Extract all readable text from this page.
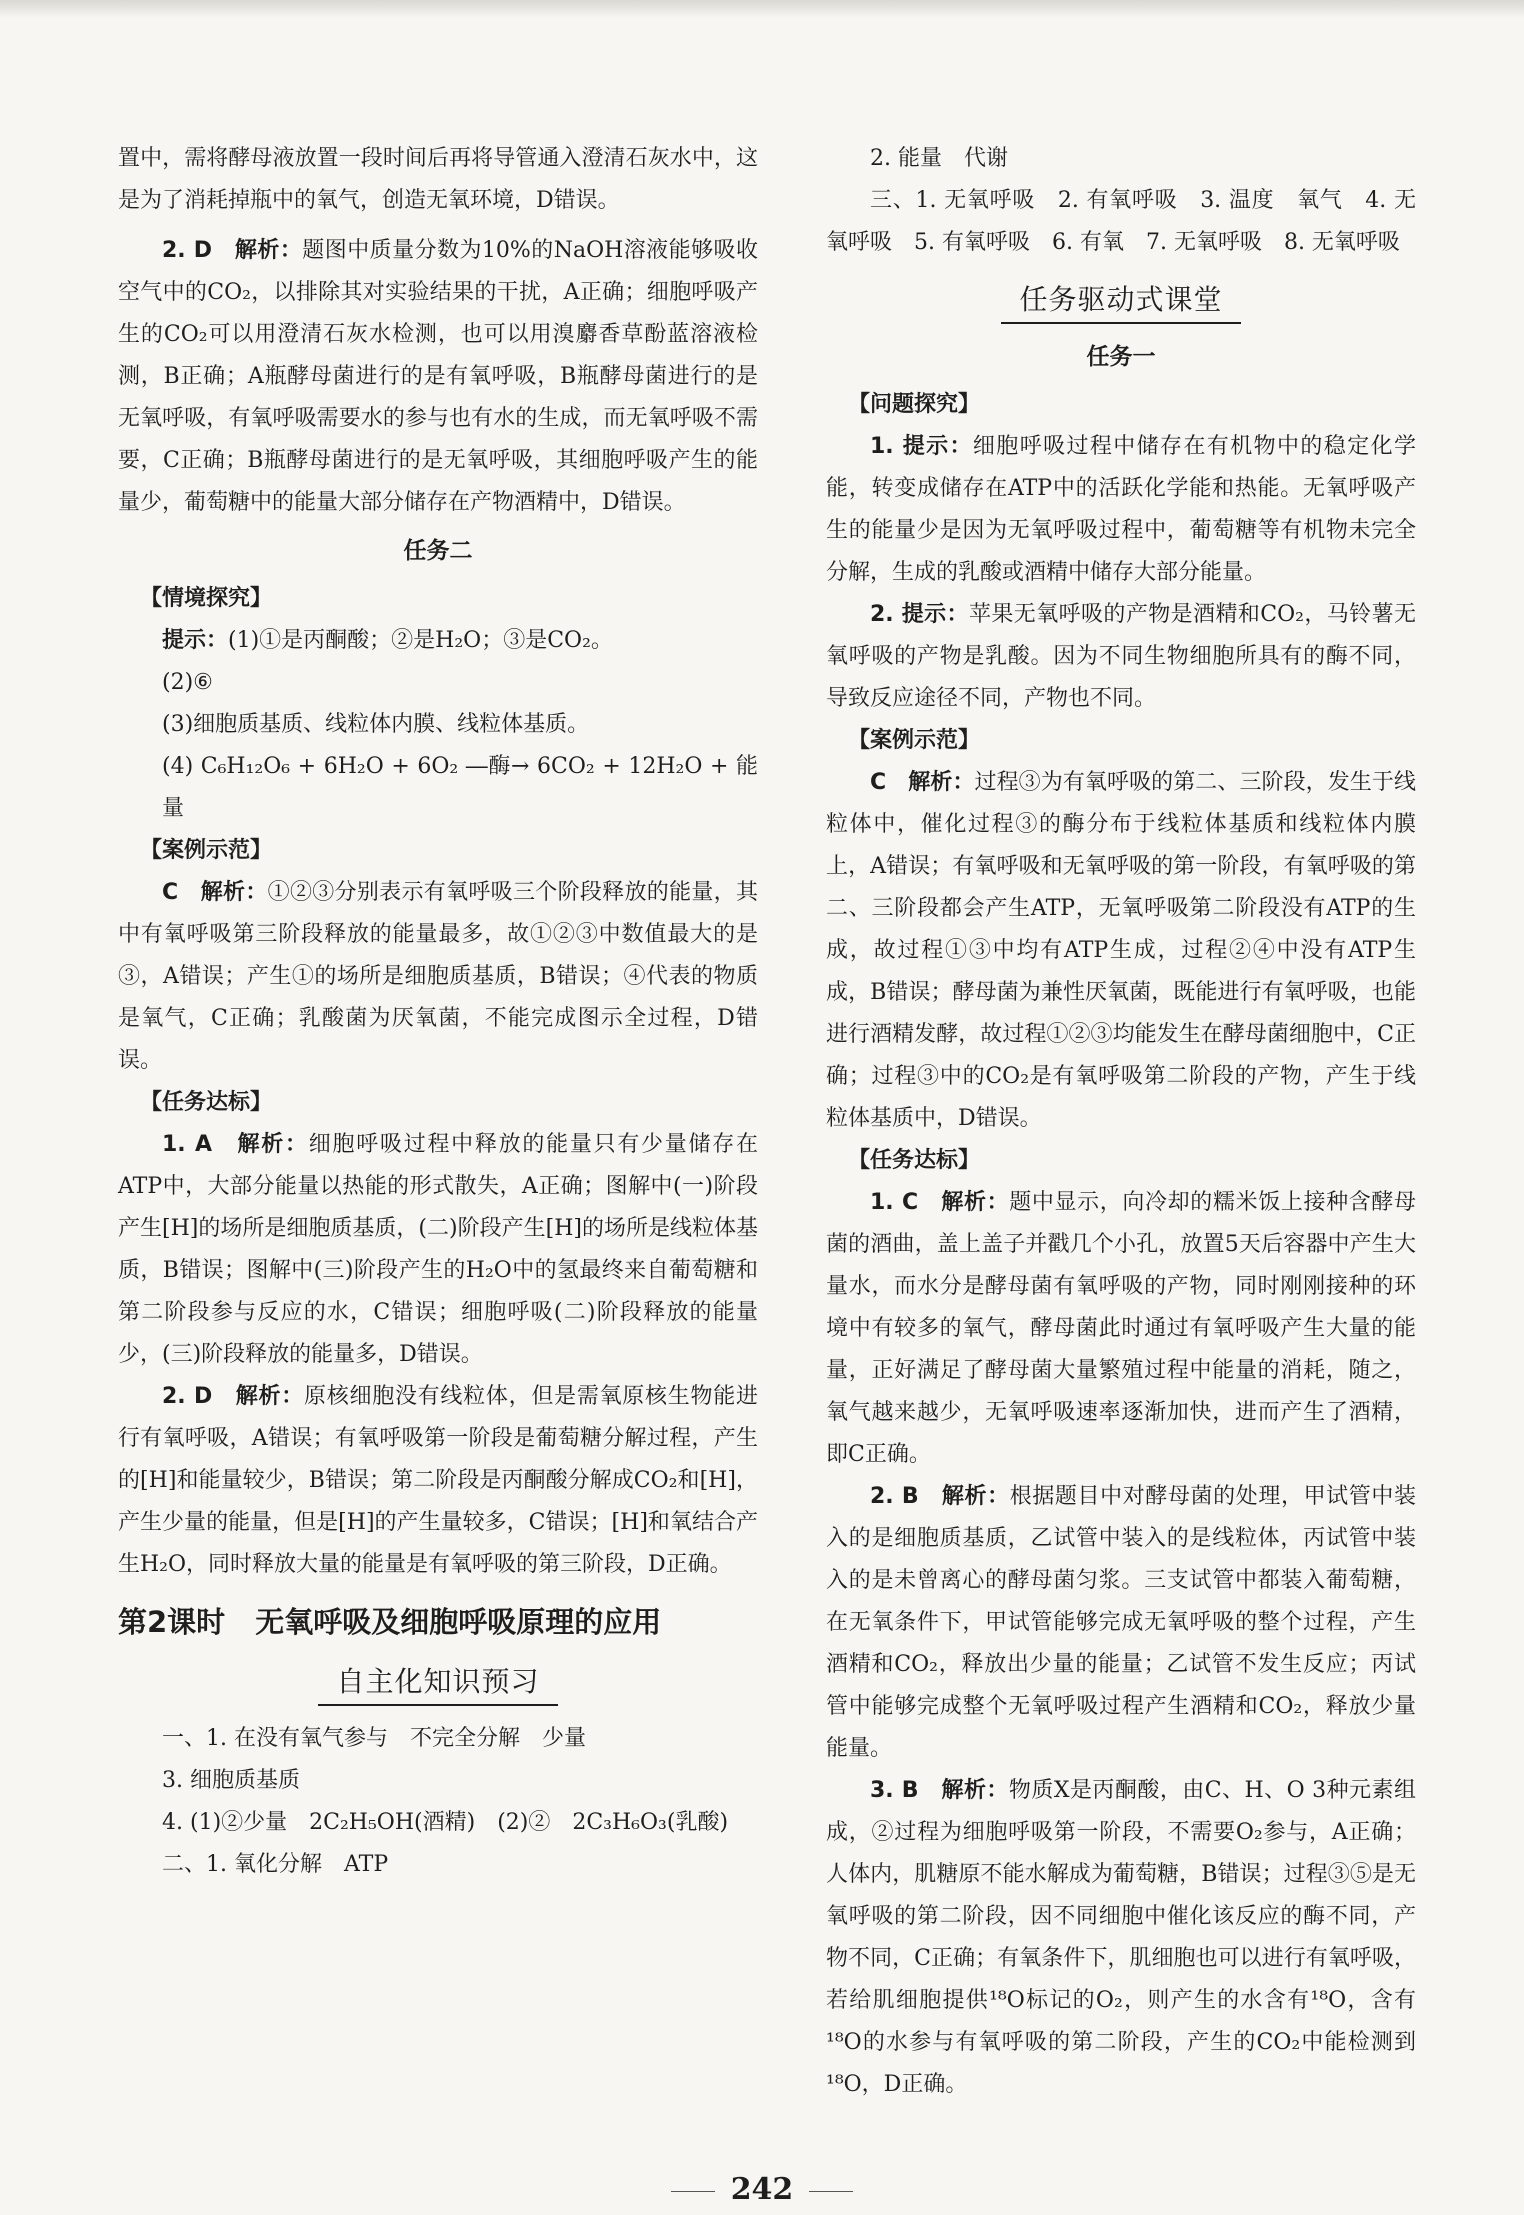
置中，需将酵母液放置一段时间后再将导管通入澄清石灰水中，这是为了消耗掉瓶中的氧气，创造无氧环境，D错误。

2. D　解析：题图中质量分数为10%的NaOH溶液能够吸收空气中的CO₂，以排除其对实验结果的干扰，A正确；细胞呼吸产生的CO₂可以用澄清石灰水检测，也可以用溴麝香草酚蓝溶液检测，B正确；A瓶酵母菌进行的是有氧呼吸，B瓶酵母菌进行的是无氧呼吸，有氧呼吸需要水的参与也有水的生成，而无氧呼吸不需要，C正确；B瓶酵母菌进行的是无氧呼吸，其细胞呼吸产生的能量少，葡萄糖中的能量大部分储存在产物酒精中，D错误。

任务二

【情境探究】

提示：(1)①是丙酮酸；②是H₂O；③是CO₂。

(2)⑥

(3)细胞质基质、线粒体内膜、线粒体基质。

(4) C₆H₁₂O₆ + 6H₂O + 6O₂ ―酶→ 6CO₂ + 12H₂O + 能量

【案例示范】

C　解析：①②③分别表示有氧呼吸三个阶段释放的能量，其中有氧呼吸第三阶段释放的能量最多，故①②③中数值最大的是③，A错误；产生①的场所是细胞质基质，B错误；④代表的物质是氧气，C正确；乳酸菌为厌氧菌，不能完成图示全过程，D错误。

【任务达标】

1. A　解析：细胞呼吸过程中释放的能量只有少量储存在ATP中，大部分能量以热能的形式散失，A正确；图解中(一)阶段产生[H]的场所是细胞质基质，(二)阶段产生[H]的场所是线粒体基质，B错误；图解中(三)阶段产生的H₂O中的氢最终来自葡萄糖和第二阶段参与反应的水，C错误；细胞呼吸(二)阶段释放的能量少，(三)阶段释放的能量多，D错误。

2. D　解析：原核细胞没有线粒体，但是需氧原核生物能进行有氧呼吸，A错误；有氧呼吸第一阶段是葡萄糖分解过程，产生的[H]和能量较少，B错误；第二阶段是丙酮酸分解成CO₂和[H]，产生少量的能量，但是[H]的产生量较多，C错误；[H]和氧结合产生H₂O，同时释放大量的能量是有氧呼吸的第三阶段，D正确。

第2课时 无氧呼吸及细胞呼吸原理的应用

自主化知识预习

一、1. 在没有氧气参与　不完全分解　少量

3. 细胞质基质

4. (1)②少量　2C₂H₅OH(酒精)　(2)②　2C₃H₆O₃(乳酸)

二、1. 氧化分解　ATP

2. 能量　代谢

三、1. 无氧呼吸　2. 有氧呼吸　3. 温度　氧气　4. 无氧呼吸　5. 有氧呼吸　6. 有氧　7. 无氧呼吸　8. 无氧呼吸

任务驱动式课堂

任务一

【问题探究】

1. 提示：细胞呼吸过程中储存在有机物中的稳定化学能，转变成储存在ATP中的活跃化学能和热能。无氧呼吸产生的能量少是因为无氧呼吸过程中，葡萄糖等有机物未完全分解，生成的乳酸或酒精中储存大部分能量。

2. 提示：苹果无氧呼吸的产物是酒精和CO₂，马铃薯无氧呼吸的产物是乳酸。因为不同生物细胞所具有的酶不同，导致反应途径不同，产物也不同。

【案例示范】

C　解析：过程③为有氧呼吸的第二、三阶段，发生于线粒体中，催化过程③的酶分布于线粒体基质和线粒体内膜上，A错误；有氧呼吸和无氧呼吸的第一阶段，有氧呼吸的第二、三阶段都会产生ATP，无氧呼吸第二阶段没有ATP的生成，故过程①③中均有ATP生成，过程②④中没有ATP生成，B错误；酵母菌为兼性厌氧菌，既能进行有氧呼吸，也能进行酒精发酵，故过程①②③均能发生在酵母菌细胞中，C正确；过程③中的CO₂是有氧呼吸第二阶段的产物，产生于线粒体基质中，D错误。

【任务达标】

1. C　解析：题中显示，向冷却的糯米饭上接种含酵母菌的酒曲，盖上盖子并戳几个小孔，放置5天后容器中产生大量水，而水分是酵母菌有氧呼吸的产物，同时刚刚接种的环境中有较多的氧气，酵母菌此时通过有氧呼吸产生大量的能量，正好满足了酵母菌大量繁殖过程中能量的消耗，随之，氧气越来越少，无氧呼吸速率逐渐加快，进而产生了酒精，即C正确。

2. B　解析：根据题目中对酵母菌的处理，甲试管中装入的是细胞质基质，乙试管中装入的是线粒体，丙试管中装入的是未曾离心的酵母菌匀浆。三支试管中都装入葡萄糖，在无氧条件下，甲试管能够完成无氧呼吸的整个过程，产生酒精和CO₂，释放出少量的能量；乙试管不发生反应；丙试管中能够完成整个无氧呼吸过程产生酒精和CO₂，释放少量能量。

3. B　解析：物质X是丙酮酸，由C、H、O 3种元素组成，②过程为细胞呼吸第一阶段，不需要O₂参与，A正确；人体内，肌糖原不能水解成为葡萄糖，B错误；过程③⑤是无氧呼吸的第二阶段，因不同细胞中催化该反应的酶不同，产物不同，C正确；有氧条件下，肌细胞也可以进行有氧呼吸，若给肌细胞提供¹⁸O标记的O₂，则产生的水含有¹⁸O，含有¹⁸O的水参与有氧呼吸的第二阶段，产生的CO₂中能检测到¹⁸O，D正确。

242
